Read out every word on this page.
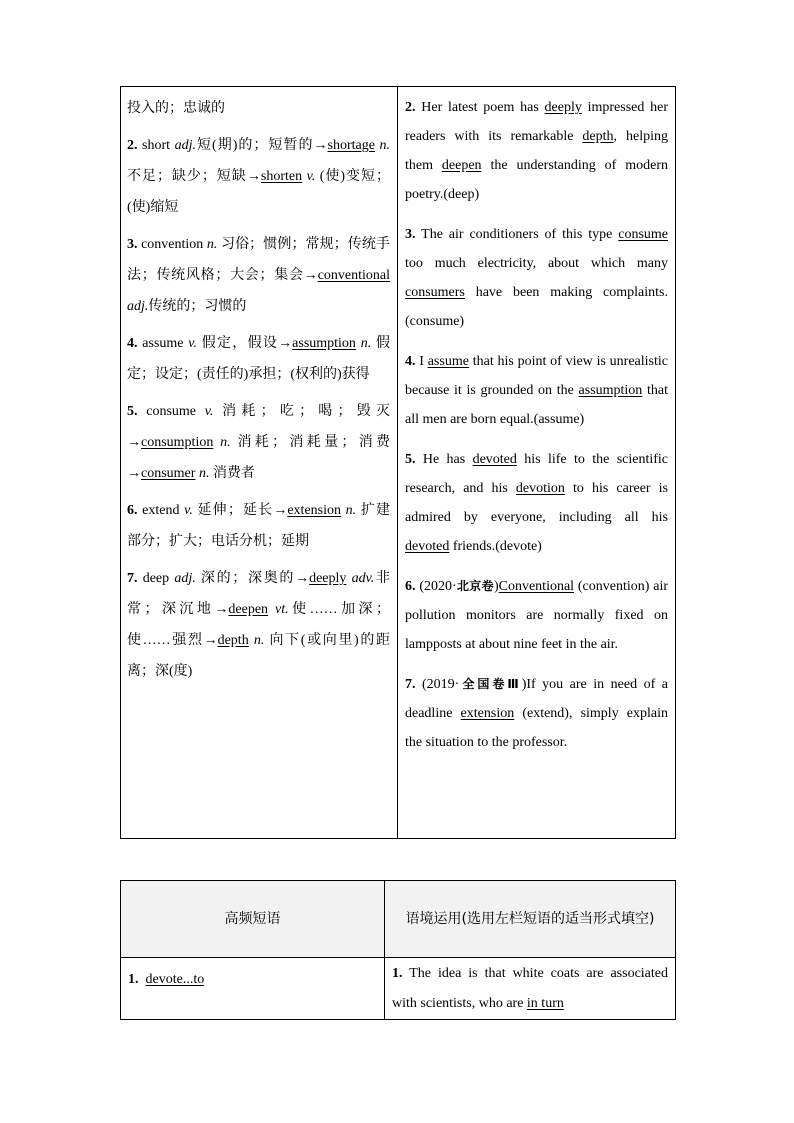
投入的；忠诚的

2. short adj.短(期)的；短暂的→shortage n. 不足；缺少；短缺→shorten v. (使)变短；(使)缩短

3. convention n. 习俗；惯例；常规；传统手法；传统风格；大会；集会→conventional adj.传统的；习惯的

4. assume v. 假定，假设→assumption n. 假定；设定；(责任的)承担；(权利的)获得

5. consume v. 消耗；吃；喝；毁灭→consumption n. 消耗；消耗量；消费→consumer n. 消费者

6. extend v. 延伸；延长→extension n. 扩建部分；扩大；电话分机；延期

7. deep adj. 深的；深奥的→deeply adv.非常；深沉地→deepen vt.使……加深；使……强烈→depth n. 向下(或向里)的距离；深(度)

2. Her latest poem has deeply impressed her readers with its remarkable depth, helping them deepen the understanding of modern poetry.(deep)

3. The air conditioners of this type consume too much electricity, about which many consumers have been making complaints.(consume)

4. I assume that his point of view is unrealistic because it is grounded on the assumption that all men are born equal.(assume)

5. He has devoted his life to the scientific research, and his devotion to his career is admired by everyone, including all his devoted friends.(devote)

6. (2020·北京卷)Conventional (convention) air pollution monitors are normally fixed on lampposts at about nine feet in the air.

7. (2019·全国卷Ⅲ)If you are in need of a deadline extension (extend), simply explain the situation to the professor.

高频短语	语境运用(选用左栏短语的适当形式填空)

1. devote...to	1. The idea is that white coats are associated with scientists, who are in turn
